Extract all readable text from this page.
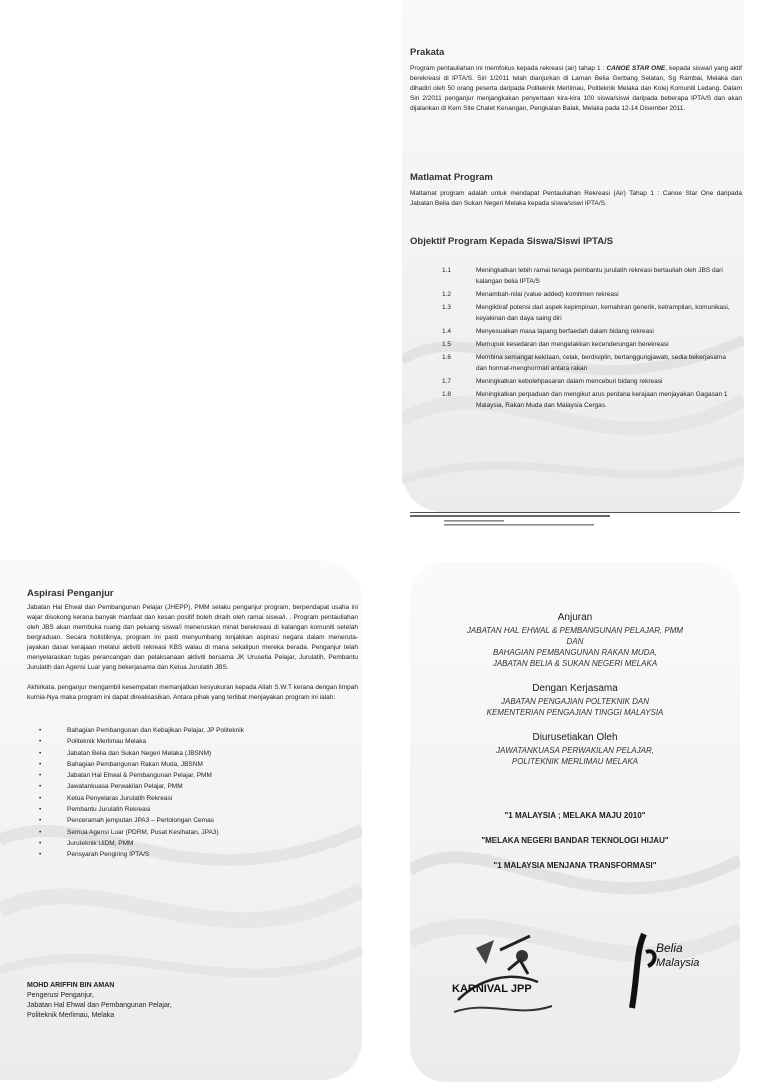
Prakata

Program pentauliahan ini memfokus kepada rekreasi (air) tahap 1 : CANOE STAR ONE, kepada siswa/i yang aktif berekreasi di IPTA/S. Siri 1/2011 telah dianjurkan di Laman Belia Gerbang Selatan, Sg Rambai, Melaka dan dihadiri oleh 50 orang peserta daripada Politeknik Merlimau, Politeknik Melaka dan Kolej Komuniti Ledang. Dalam Siri 2/2011 penganjur menjangkakan penyertaan kira-kira 100 siswa/siswi daripada beberapa IPTA/S dan akan dijalankan di Kem Site Chalet Kenangan, Pengkalan Balak, Melaka pada 12-14 Disember 2011.

Matlamat Program

Matlamat program adalah untuk mendapat Pentauliahan Rekreasi (Air) Tahap 1 : Canoe Star One daripada Jabatan Belia dan Sukan Negeri Melaka kepada siswa/siswi IPTA/S.

Objektif Program Kepada Siswa/Siswi IPTA/S
1.1	Meningkatkan lebih ramai tenaga pembantu jurulatih rekreasi bertauliah oleh JBS dari kalangan belia IPTA/S
1.2	Menambah-nilai (value added) komitmen rekreasi
1.3	Mengiktiraf potensi dari aspek kepimpinan, kemahiran generik, ketrampilan, komunikasi, keyakinan dan daya saing diri
1.4	Menyesuaikan masa lapang berfaedah dalam bidang rekreasi
1.5	Memupuk kesedaran dan mengelakkan kecenderungan berekreasi
1.6	Membina semangat kekitaan, celak, berdisiplin, bertanggungjawab, sedia bekerjasama dan hormat-menghormati antara rakan
1.7	Meningkatkan kebolehpasaran dalam menceburi bidang rekreasi
1.8	Meningkatkan perpaduan dan mengikut arus perdana kerajaan menjayakan Gagasan 1 Malaysia, Rakan Muda dan Malaysia Cergas.
Aspirasi Penganjur

Jabatan Hal Ehwal dan Pembangunan Pelajar (JHEPP), PMM selaku penganjur program, berpendapat usaha ini wajar disokong kerana banyak manfaat dan kesan positif boleh diraih oleh ramai siswa/i. . Program pentauliahan oleh JBS akan membuka ruang dan peluang siswa/i meneruskan minat berekreasi di kalangan komuniti setelah bergraduan. Secara holistiknya, program ini pasti menyumbang lonjakkan aspirasi negara dalam meneruta-jayakan dasar kerajaan melalui aktiviti rekreasi KBS walau di mana sekalipun mereka berada. Penganjur telah menyelaraskan tugas perancangan dan pelaksanaan aktiviti bersama JK Urusetia Pelajar, Jurulatih, Pembantu Jurulatih dan Agensi Luar yang bekerjasama dan Ketua Jurulatih JBS.

Akhirkata, penganjur mengambil kesempatan memanjatkan kesyukuran kepada Allah S.W.T kerana dengan limpah kurnia-Nya maka program ini dapat direalisasikan. Antara pihak yang terlibat menjayakan program ini ialah:

• Bahagian Pembangunan dan Kebajikan Pelajar, JP Politeknik
• Politeknik Merlimau Melaka
• Jabatan Belia dan Sukan Negeri Melaka (JBSNM)
• Bahagian Pembangunan Rakan Muda, JBSNM
• Jabatan Hal Ehwal & Pembangunan Pelajar, PMM
• Jawatankuasa Perwakilan Pelajar, PMM
• Ketua Penyelaras Jurulatih Rekreasi
• Pembantu Jurulatih Rekreasi
• Penceramah jemputan JPA3 – Pertolongan Cemas
• Semua Agensi Luar (PDRM, Pusat Kesihatan, JPA3)
• Juruteknik UiDM, PMM
• Pensyarah Pengiring IPTA/S
MOHD ARIFFIN BIN AMAN
Pengerusi Penganjur,
Jabatan Hal Ehwal dan Pembangunan Pelajar,
Politeknik Merlimau, Melaka

Anjuran

JABATAN HAL EHWAL & PEMBANGUNAN PELAJAR, PMM

DAN

BAHAGIAN PEMBANGUNAN RAKAN MUDA,

JABATAN BELIA & SUKAN NEGERI MELAKA

Dengan Kerjasama

JABATAN PENGAJIAN POLTEKNIK DAN

KEMENTERIAN PENGAJIAN TINGGI MALAYSIA

Diurusetiakan Oleh

JAWATANKUASA PERWAKILAN PELAJAR,

POLITEKNIK MERLIMAU MELAKA

"1 MALAYSIA ; MELAKA MAJU 2010"

"MELAKA NEGERI BANDAR TEKNOLOGI HIJAU"

"1 MALAYSIA MENJANA TRANSFORMASI"

KARNIVAL JPP
Belia
Malaysia
